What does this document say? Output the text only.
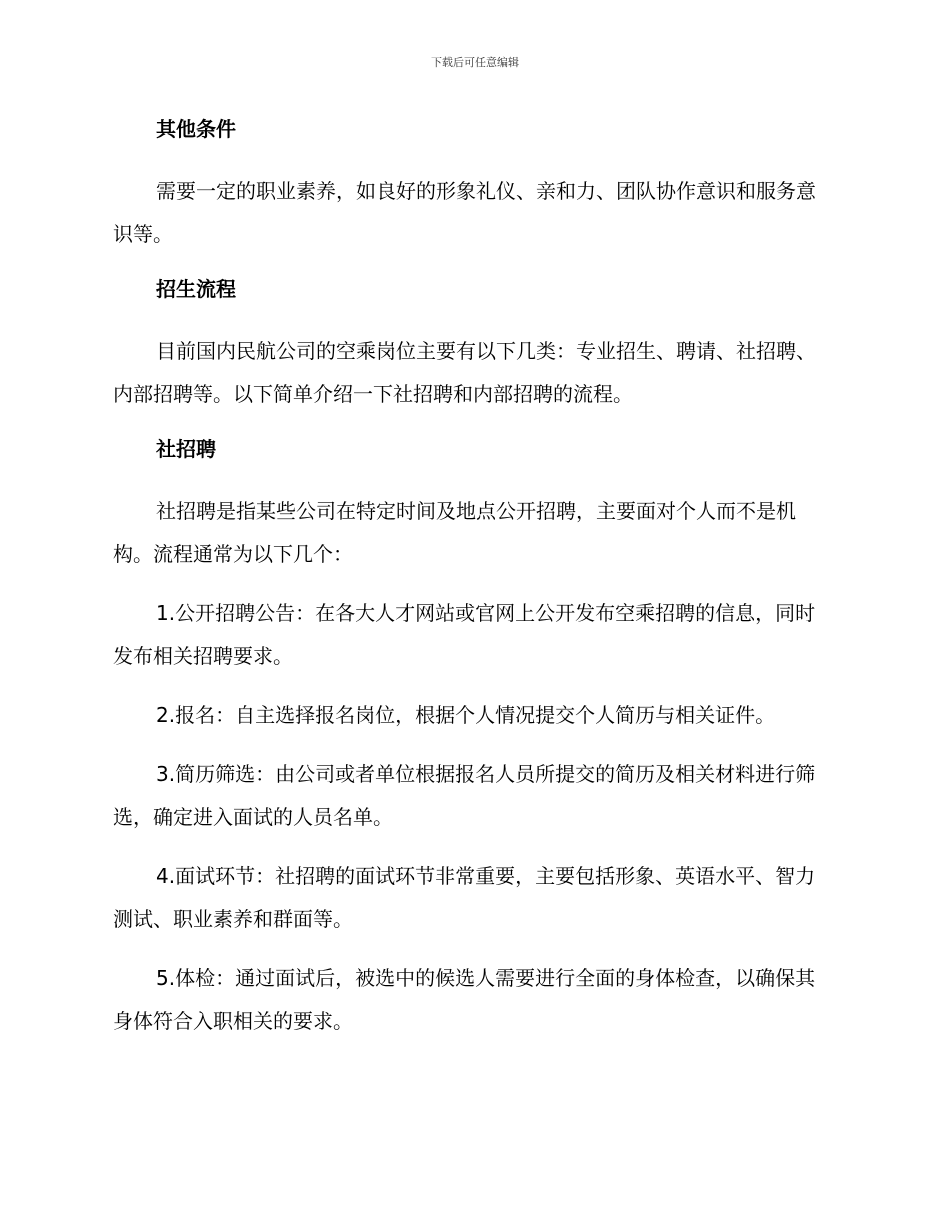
下载后可任意编辑
其他条件
需要一定的职业素养，如良好的形象礼仪、亲和力、团队协作意识和服务意识等。
招生流程
目前国内民航公司的空乘岗位主要有以下几类：专业招生、聘请、社招聘、内部招聘等。以下简单介绍一下社招聘和内部招聘的流程。
社招聘
社招聘是指某些公司在特定时间及地点公开招聘，主要面对个人而不是机构。流程通常为以下几个：
1.公开招聘公告：在各大人才网站或官网上公开发布空乘招聘的信息，同时发布相关招聘要求。
2.报名：自主选择报名岗位，根据个人情况提交个人简历与相关证件。
3.简历筛选：由公司或者单位根据报名人员所提交的简历及相关材料进行筛选，确定进入面试的人员名单。
4.面试环节：社招聘的面试环节非常重要，主要包括形象、英语水平、智力测试、职业素养和群面等。
5.体检：通过面试后，被选中的候选人需要进行全面的身体检查，以确保其身体符合入职相关的要求。
